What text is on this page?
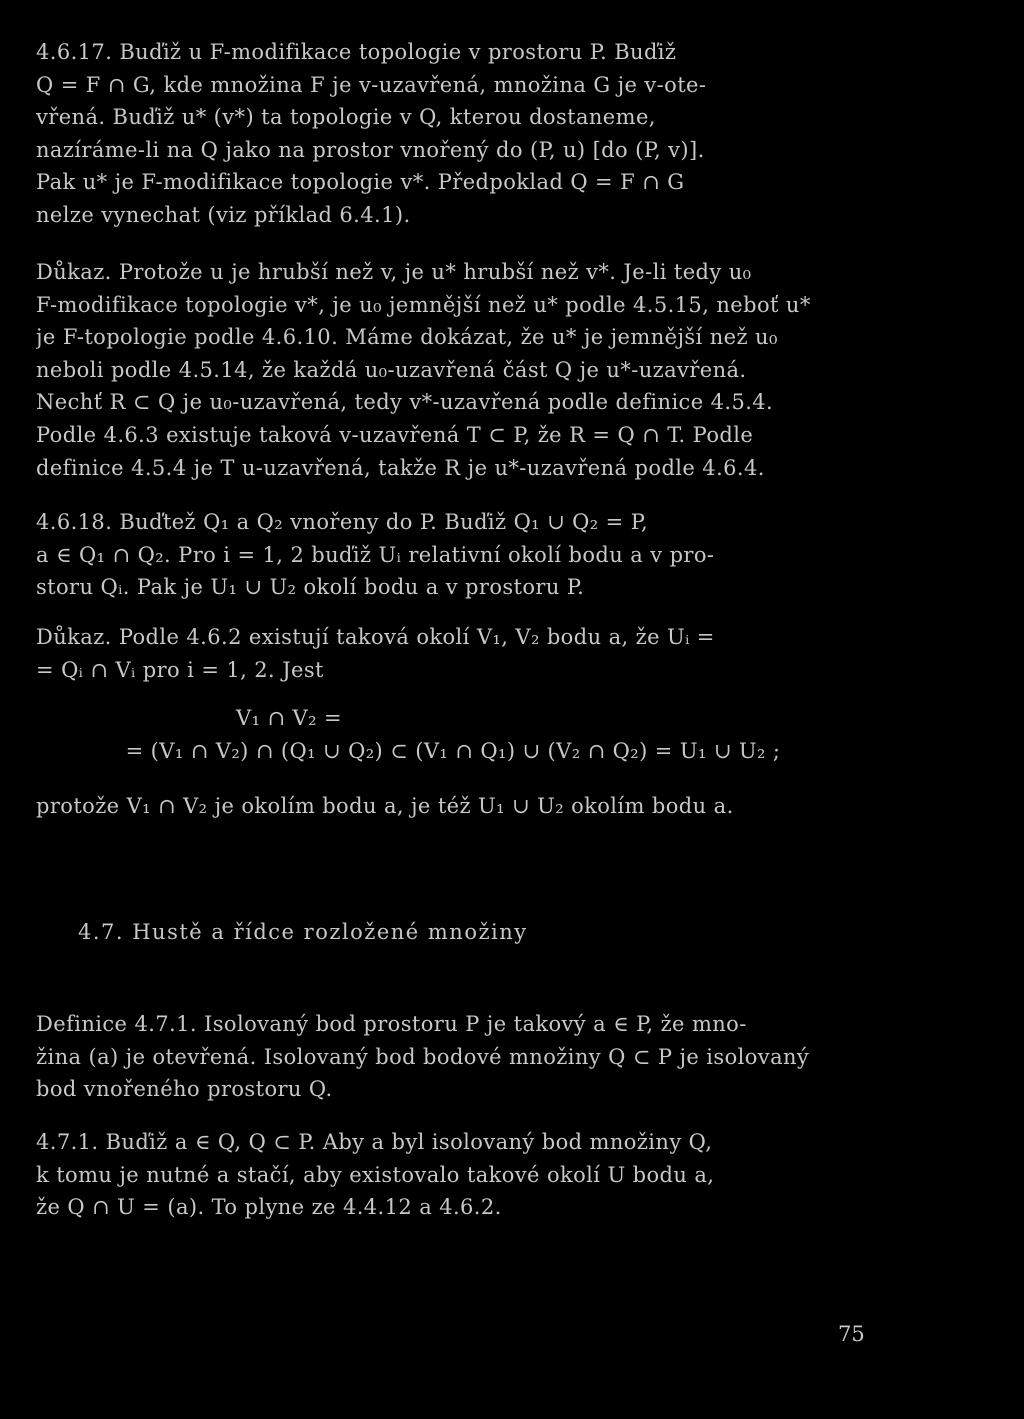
4.6.17. Buďiž u F-modifikace topologie v prostoru P. Buďiž
Q = F ∩ G, kde množina F je v-uzavřená, množina G je v-ote-
vřená. Buďiž u* (v*) ta topologie v Q, kterou dostaneme,
nazíráme-li na Q jako na prostor vnořený do (P, u) [do (P, v)].
Pak u* je F-modifikace topologie v*. Předpoklad Q = F ∩ G
nelze vynechat (viz příklad 6.4.1).
Důkaz. Protože u je hrubší než v, je u* hrubší než v*. Je-li tedy u₀
F-modifikace topologie v*, je u₀ jemnější než u* podle 4.5.15, neboť u*
je F-topologie podle 4.6.10. Máme dokázat, že u* je jemnější než u₀
neboli podle 4.5.14, že každá u₀-uzavřená část Q je u*-uzavřená.
Nechť R ⊂ Q je u₀-uzavřená, tedy v*-uzavřená podle definice 4.5.4.
Podle 4.6.3 existuje taková v-uzavřená T ⊂ P, že R = Q ∩ T. Podle
definice 4.5.4 je T u-uzavřená, takže R je u*-uzavřená podle 4.6.4.
4.6.18. Buďtež Q₁ a Q₂ vnořeny do P. Buďiž Q₁ ∪ Q₂ = P,
a ∈ Q₁ ∩ Q₂. Pro i = 1, 2 buďiž Uᵢ relativní okolí bodu a v pro-
storu Qᵢ. Pak je U₁ ∪ U₂ okolí bodu a v prostoru P.
Důkaz. Podle 4.6.2 existují taková okolí V₁, V₂ bodu a, že Uᵢ =
= Qᵢ ∩ Vᵢ pro i = 1, 2. Jest
V₁ ∩ V₂ =
= (V₁ ∩ V₂) ∩ (Q₁ ∪ Q₂) ⊂ (V₁ ∩ Q₁) ∪ (V₂ ∩ Q₂) = U₁ ∪ U₂ ;
protože V₁ ∩ V₂ je okolím bodu a, je též U₁ ∪ U₂ okolím bodu a.
4.7. Hustě a řídce rozložené množiny
Definice 4.7.1. Isolovaný bod prostoru P je takový a ∈ P, že mno-
žina (a) je otevřená. Isolovaný bod bodové množiny Q ⊂ P je isolovaný
bod vnořeného prostoru Q.
4.7.1. Buďiž a ∈ Q, Q ⊂ P. Aby a byl isolovaný bod množiny Q,
k tomu je nutné a stačí, aby existovalo takové okolí U bodu a,
že Q ∩ U = (a). To plyne ze 4.4.12 a 4.6.2.
75
